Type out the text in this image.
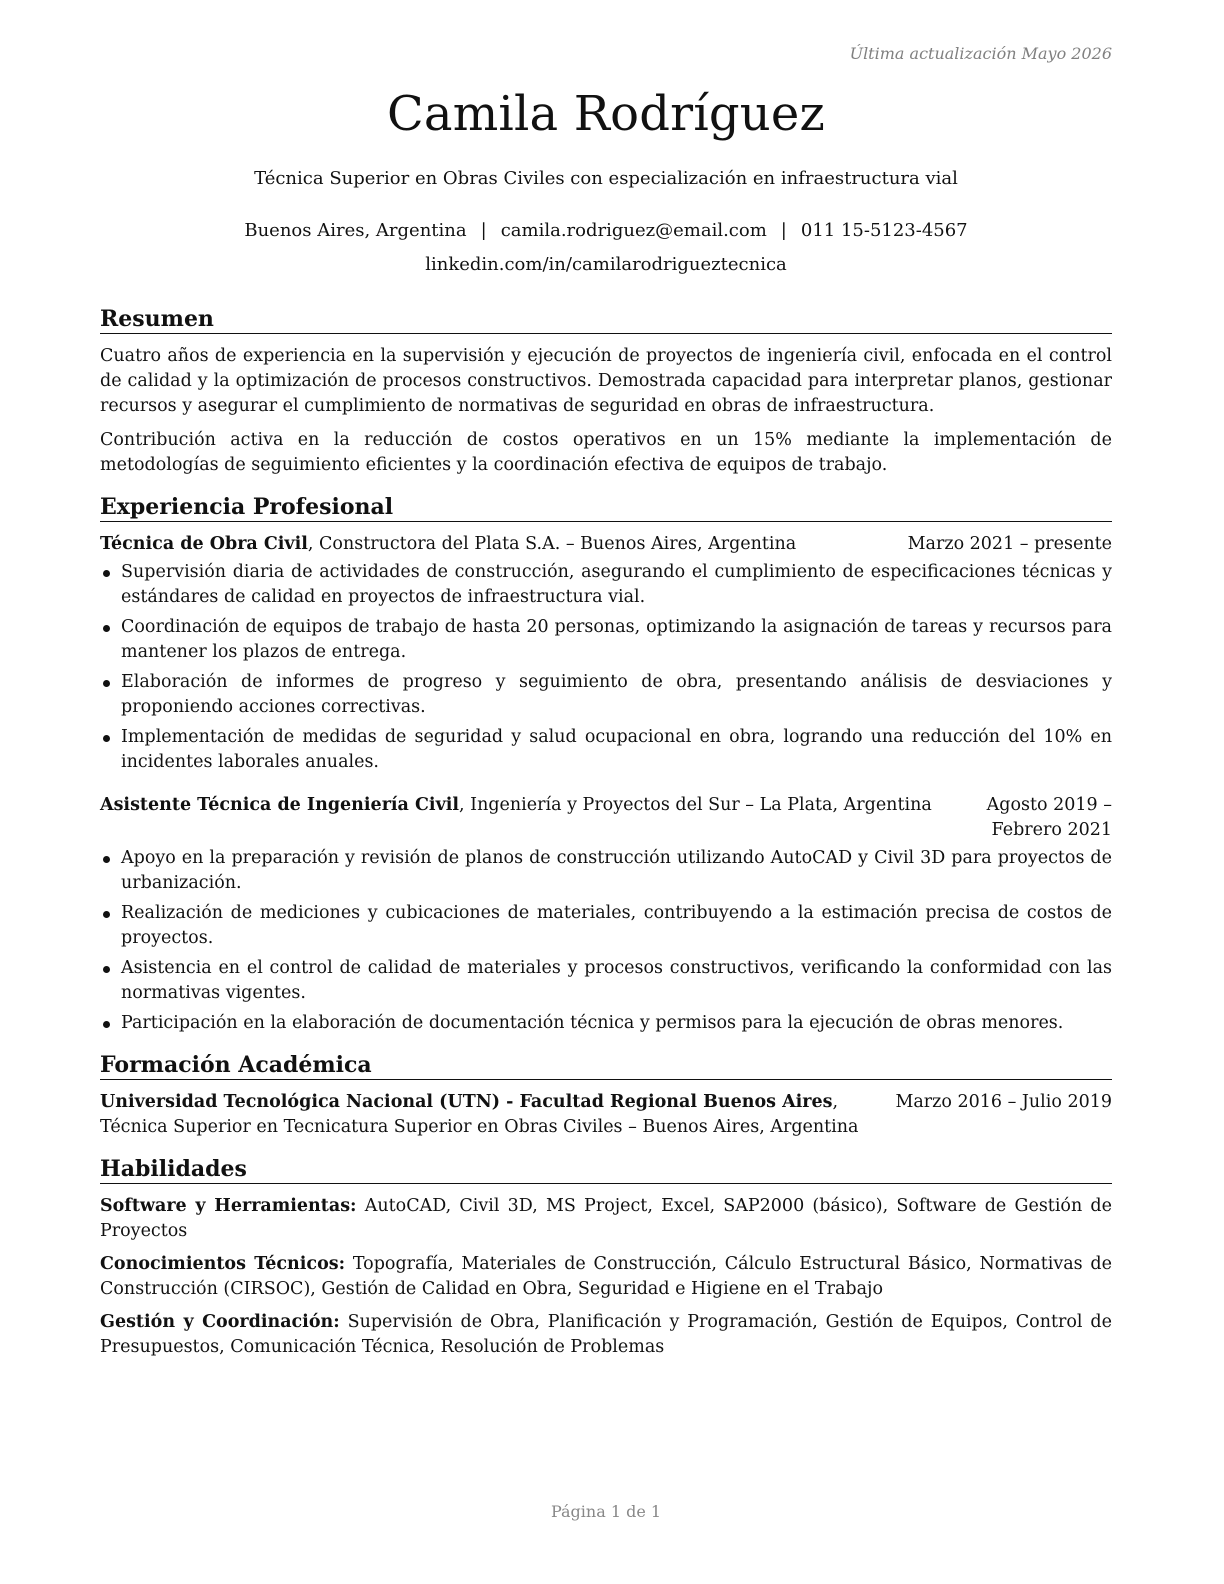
Última actualización Mayo 2026
Camila Rodríguez
Técnica Superior en Obras Civiles con especialización en infraestructura vial
Buenos Aires, Argentina | camila.rodriguez@email.com | 011 15-5123-4567
linkedin.com/in/camilarodrigueztecnica
Resumen

Cuatro años de experiencia en la supervisión y ejecución de proyectos de ingeniería civil, enfocada en el control de calidad y la optimización de procesos constructivos. Demostrada capacidad para interpretar planos, gestionar recursos y asegurar el cumplimiento de normativas de seguridad en obras de infraestructura.

Contribución activa en la reducción de costos operativos en un 15% mediante la implementación de metodologías de seguimiento eficientes y la coordinación efectiva de equipos de trabajo.

Experiencia Profesional
Técnica de Obra Civil, Constructora del Plata S.A. – Buenos Aires, Argentina	Marzo 2021 – presente
Supervisión diaria de actividades de construcción, asegurando el cumplimiento de especificaciones técnicas y estándares de calidad en proyectos de infraestructura vial.
Coordinación de equipos de trabajo de hasta 20 personas, optimizando la asignación de tareas y recursos para mantener los plazos de entrega.
Elaboración de informes de progreso y seguimiento de obra, presentando análisis de desviaciones y proponiendo acciones correctivas.
Implementación de medidas de seguridad y salud ocupacional en obra, logrando una reducción del 10% en incidentes laborales anuales.
Asistente Técnica de Ingeniería Civil, Ingeniería y Proyectos del Sur – La Plata, Argentina	Agosto 2019 – Febrero 2021
Apoyo en la preparación y revisión de planos de construcción utilizando AutoCAD y Civil 3D para proyectos de urbanización.
Realización de mediciones y cubicaciones de materiales, contribuyendo a la estimación precisa de costos de proyectos.
Asistencia en el control de calidad de materiales y procesos constructivos, verificando la conformidad con las normativas vigentes.
Participación en la elaboración de documentación técnica y permisos para la ejecución de obras menores.
Formación Académica
Universidad Tecnológica Nacional (UTN) - Facultad Regional Buenos Aires, Técnica Superior en Tecnicatura Superior en Obras Civiles – Buenos Aires, Argentina
Marzo 2016 – Julio 2019
Habilidades
Software y Herramientas: AutoCAD, Civil 3D, MS Project, Excel, SAP2000 (básico), Software de Gestión de Proyectos
Conocimientos Técnicos: Topografía, Materiales de Construcción, Cálculo Estructural Básico, Normativas de Construcción (CIRSOC), Gestión de Calidad en Obra, Seguridad e Higiene en el Trabajo
Gestión y Coordinación: Supervisión de Obra, Planificación y Programación, Gestión de Equipos, Control de Presupuestos, Comunicación Técnica, Resolución de Problemas
Página 1 de 1
